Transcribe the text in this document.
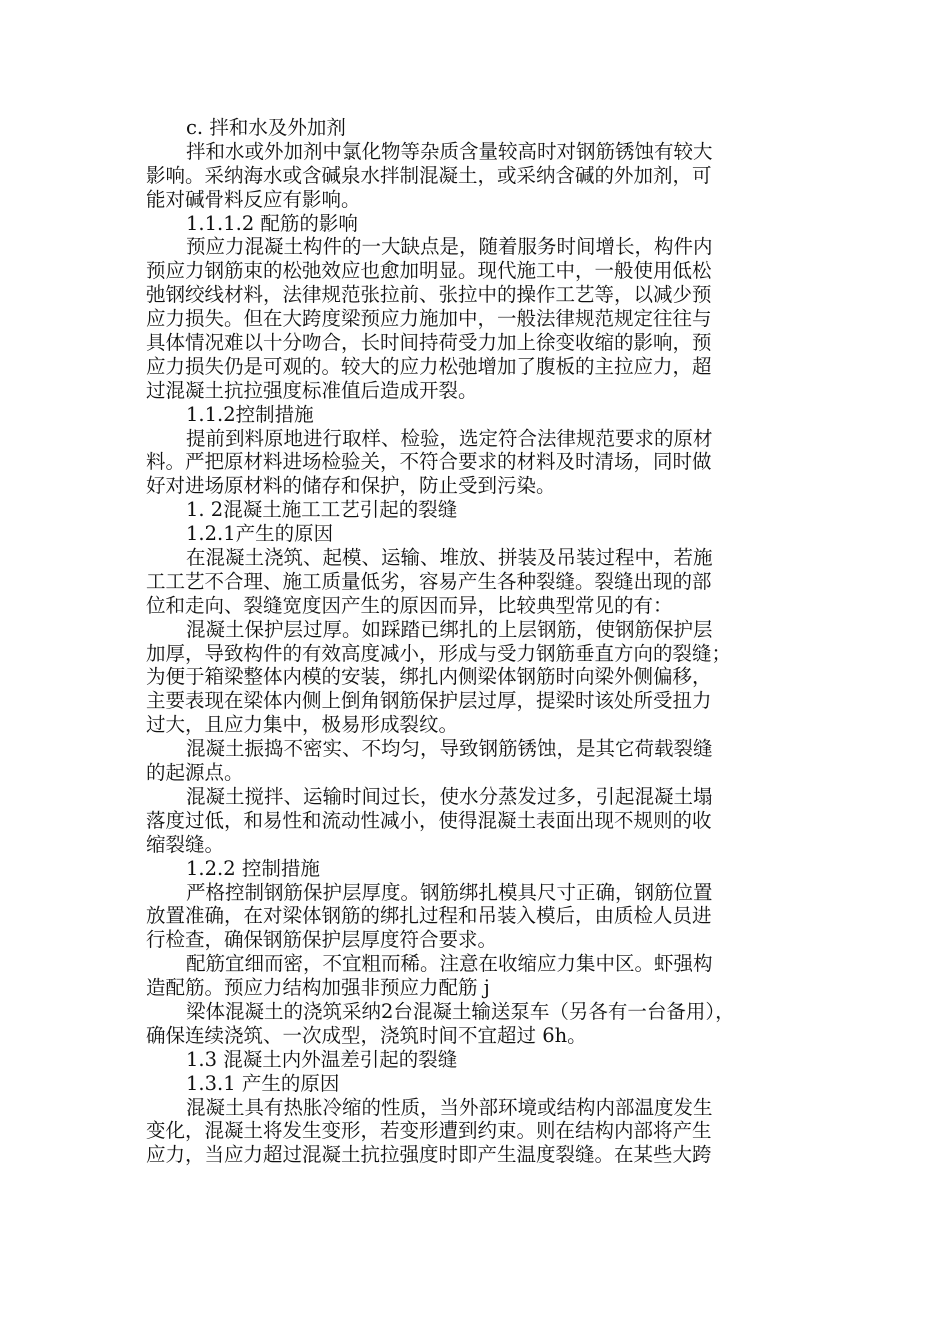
c. 拌和水及外加剂
拌和水或外加剂中氯化物等杂质含量较高时对钢筋锈蚀有较大
影响。采纳海水或含碱泉水拌制混凝土，或采纳含碱的外加剂，可
能对碱骨料反应有影响。
1.1.1.2 配筋的影响
预应力混凝土构件的一大缺点是，随着服务时间增长，构件内
预应力钢筋束的松弛效应也愈加明显。现代施工中，一般使用低松
弛钢绞线材料，法律规范张拉前、张拉中的操作工艺等，以减少预
应力损失。但在大跨度梁预应力施加中，一般法律规范规定往往与
具体情况难以十分吻合，长时间持荷受力加上徐变收缩的影响，预
应力损失仍是可观的。较大的应力松弛增加了腹板的主拉应力，超
过混凝土抗拉强度标准值后造成开裂。
1.1.2控制措施
提前到料原地进行取样、检验，选定符合法律规范要求的原材
料。严把原材料进场检验关，不符合要求的材料及时清场，同时做
好对进场原材料的储存和保护，防止受到污染。
1. 2混凝土施工工艺引起的裂缝
1.2.1产生的原因
在混凝土浇筑、起模、运输、堆放、拼装及吊装过程中，若施
工工艺不合理、施工质量低劣，容易产生各种裂缝。裂缝出现的部
位和走向、裂缝宽度因产生的原因而异，比较典型常见的有：
混凝土保护层过厚。如踩踏已绑扎的上层钢筋，使钢筋保护层
加厚，导致构件的有效高度减小，形成与受力钢筋垂直方向的裂缝；
为便于箱梁整体内模的安装，绑扎内侧梁体钢筋时向梁外侧偏移，
主要表现在梁体内侧上倒角钢筋保护层过厚，提梁时该处所受扭力
过大，且应力集中，极易形成裂纹。
混凝土振捣不密实、不均匀，导致钢筋锈蚀，是其它荷载裂缝
的起源点。
混凝土搅拌、运输时间过长，使水分蒸发过多，引起混凝土塌
落度过低，和易性和流动性减小，使得混凝土表面出现不规则的收
缩裂缝。
1.2.2 控制措施
严格控制钢筋保护层厚度。钢筋绑扎模具尺寸正确，钢筋位置
放置准确，在对梁体钢筋的绑扎过程和吊装入模后，由质检人员进
行检查，确保钢筋保护层厚度符合要求。
配筋宜细而密，不宜粗而稀。注意在收缩应力集中区。虾强构
造配筋。预应力结构加强非预应力配筋 j
梁体混凝土的浇筑采纳2台混凝土输送泵车（另各有一台备用），
确保连续浇筑、一次成型，浇筑时间不宜超过 6h。
1.3 混凝土内外温差引起的裂缝
1.3.1 产生的原因
混凝土具有热胀冷缩的性质，当外部环境或结构内部温度发生
变化，混凝土将发生变形，若变形遭到约束。则在结构内部将产生
应力，当应力超过混凝土抗拉强度时即产生温度裂缝。在某些大跨
